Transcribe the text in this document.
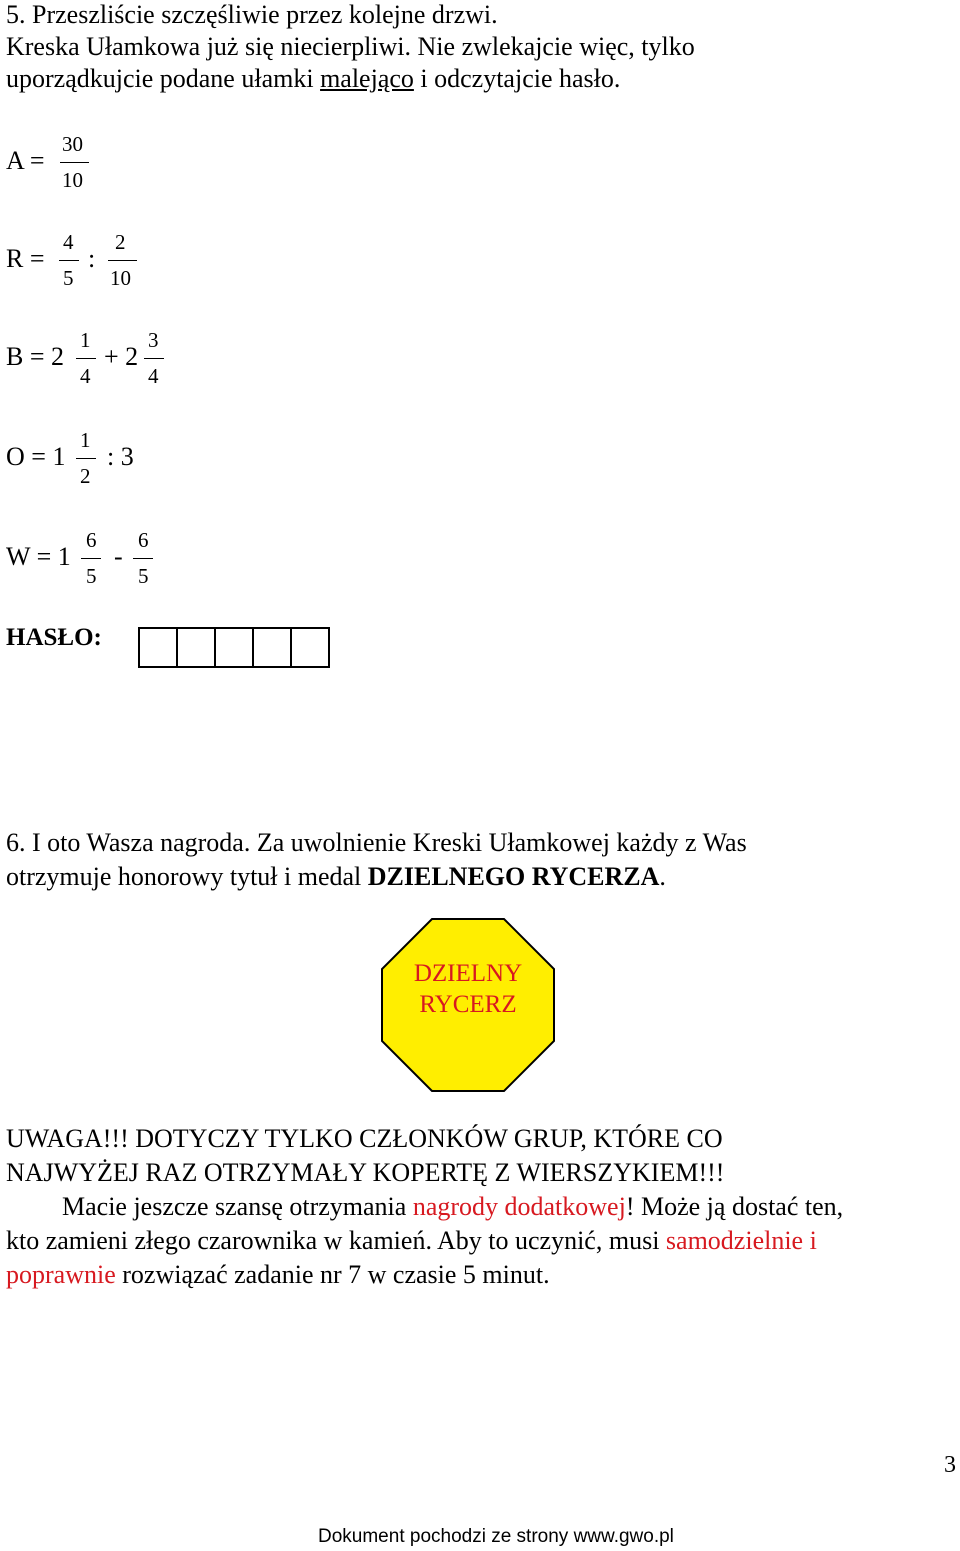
5. Przeszliście szczęśliwie przez kolejne drzwi.
Kreska Ułamkowa już się niecierpliwi. Nie zwlekajcie więc, tylko
uporządkujcie podane ułamki malejąco i odczytajcie hasło.
A =
30
10
R =
4
5
:
2
10
B = 2
1
4
+ 2
3
4
O = 1
1
2
: 3
W = 1
6
5
-
6
5
HASŁO:
6. I oto Wasza nagroda. Za uwolnienie Kreski Ułamkowej każdy z Was
otrzymuje honorowy tytuł i medal DZIELNEGO RYCERZA.
DZIELNY
RYCERZ
UWAGA!!! DOTYCZY TYLKO CZŁONKÓW GRUP, KTÓRE CO
NAJWYŻEJ RAZ OTRZYMAŁY KOPERTĘ Z WIERSZYKIEM!!!
Macie jeszcze szansę otrzymania nagrody dodatkowej! Może ją dostać ten,
kto zamieni złego czarownika w kamień. Aby to uczynić, musi samodzielnie i
poprawnie rozwiązać zadanie nr 7 w czasie 5 minut.
3
Dokument pochodzi ze strony www.gwo.pl
